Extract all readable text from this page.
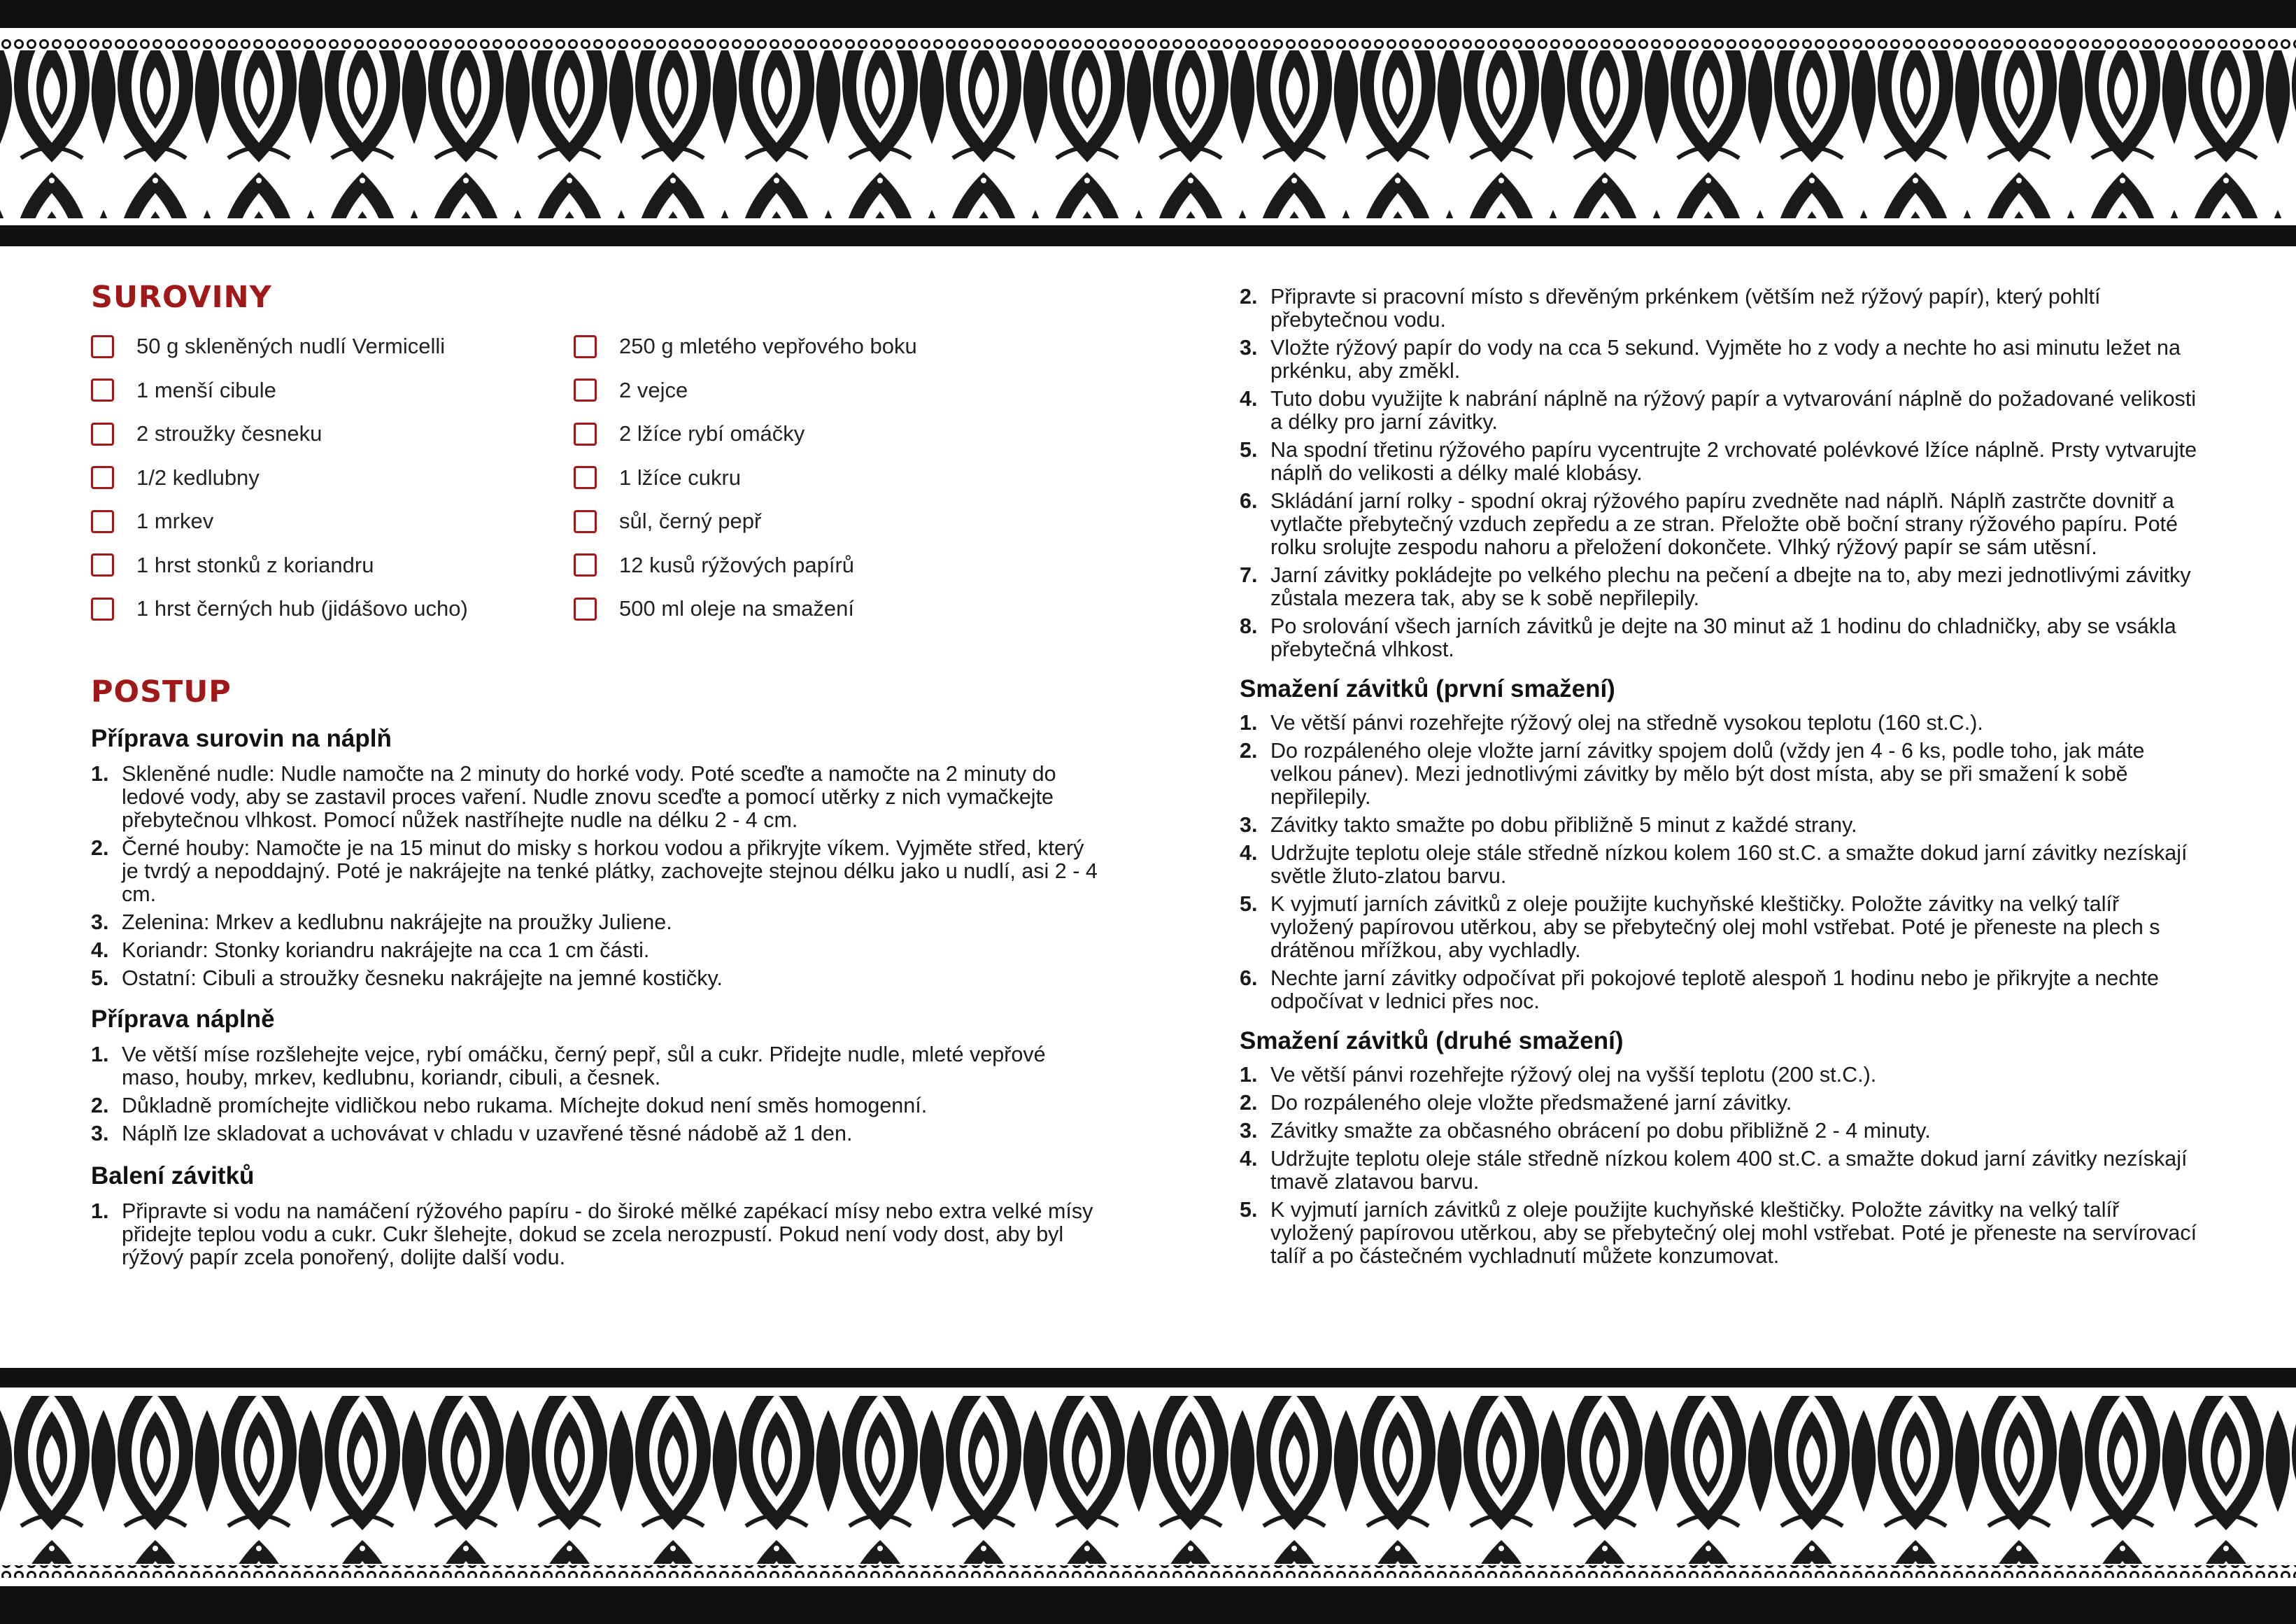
SUROVINY
50 g skleněných nudlí Vermicelli	250 g mletého vepřového boku
1 menší cibule	2 vejce
2 stroužky česneku	2 lžíce rybí omáčky
1/2 kedlubny	1 lžíce cukru
1 mrkev	sůl, černý pepř
1 hrst stonků z koriandru	12 kusů rýžových papírů
1 hrst černých hub (jidášovo ucho)	500 ml oleje na smažení
POSTUP
Příprava surovin na náplň
1. Skleněné nudle: Nudle namočte na 2 minuty do horké vody. Poté sceďte a namočte na 2 minuty do ledové vody, aby se zastavil proces vaření. Nudle znovu sceďte a pomocí utěrky z nich vymačkejte přebytečnou vlhkost. Pomocí nůžek nastříhejte nudle na délku 2 - 4 cm.
2. Černé houby: Namočte je na 15 minut do misky s horkou vodou a přikryjte víkem. Vyjměte střed, který je tvrdý a nepoddajný. Poté je nakrájejte na tenké plátky, zachovejte stejnou délku jako u nudlí, asi 2 - 4 cm.
3. Zelenina: Mrkev a kedlubnu nakrájejte na proužky Juliene.
4. Koriandr: Stonky koriandru nakrájejte na cca 1 cm části.
5. Ostatní: Cibuli a stroužky česneku nakrájejte na jemné kostičky.
Příprava náplně
1. Ve větší míse rozšlehejte vejce, rybí omáčku, černý pepř, sůl a cukr. Přidejte nudle, mleté vepřové maso, houby, mrkev, kedlubnu, koriandr, cibuli, a česnek.
2. Důkladně promíchejte vidličkou nebo rukama. Míchejte dokud není směs homogenní.
3. Náplň lze skladovat a uchovávat v chladu v uzavřené těsné nádobě až 1 den.
Balení závitků
1. Připravte si vodu na namáčení rýžového papíru - do široké mělké zapékací mísy nebo extra velké mísy přidejte teplou vodu a cukr. Cukr šlehejte, dokud se zcela nerozpustí. Pokud není vody dost, aby byl rýžový papír zcela ponořený, dolijte další vodu.
2. Připravte si pracovní místo s dřevěným prkénkem (větším než rýžový papír), který pohltí přebytečnou vodu.
3. Vložte rýžový papír do vody na cca 5 sekund. Vyjměte ho z vody a nechte ho asi minutu ležet na prkénku, aby změkl.
4. Tuto dobu využijte k nabrání náplně na rýžový papír a vytvarování náplně do požadované velikosti a délky pro jarní závitky.
5. Na spodní třetinu rýžového papíru vycentrujte 2 vrchovaté polévkové lžíce náplně. Prsty vytvarujte náplň do velikosti a délky malé klobásy.
6. Skládání jarní rolky - spodní okraj rýžového papíru zvedněte nad náplň. Náplň zastrčte dovnitř a vytlačte přebytečný vzduch zepředu a ze stran. Přeložte obě boční strany rýžového papíru. Poté rolku srolujte zespodu nahoru a přeložení dokončete. Vlhký rýžový papír se sám utěsní.
7. Jarní závitky pokládejte po velkého plechu na pečení a dbejte na to, aby mezi jednotlivými závitky zůstala mezera tak, aby se k sobě nepřilepily.
8. Po srolování všech jarních závitků je dejte na 30 minut až 1 hodinu do chladničky, aby se vsákla přebytečná vlhkost.
Smažení závitků (první smažení)
1. Ve větší pánvi rozehřejte rýžový olej na středně vysokou teplotu (160 st.C.).
2. Do rozpáleného oleje vložte jarní závitky spojem dolů (vždy jen 4 - 6 ks, podle toho, jak máte velkou pánev). Mezi jednotlivými závitky by mělo být dost místa, aby se při smažení k sobě nepřilepily.
3. Závitky takto smažte po dobu přibližně 5 minut z každé strany.
4. Udržujte teplotu oleje stále středně nízkou kolem 160 st.C. a smažte dokud jarní závitky nezískají světle žluto-zlatou barvu.
5. K vyjmutí jarních závitků z oleje použijte kuchyňské kleštičky. Položte závitky na velký talíř vyložený papírovou utěrkou, aby se přebytečný olej mohl vstřebat. Poté je přeneste na plech s drátěnou mřížkou, aby vychladly.
6. Nechte jarní závitky odpočívat při pokojové teplotě alespoň 1 hodinu nebo je přikryjte a nechte odpočívat v lednici přes noc.
Smažení závitků (druhé smažení)
1. Ve větší pánvi rozehřejte rýžový olej na vyšší teplotu (200 st.C.).
2. Do rozpáleného oleje vložte předsmažené jarní závitky.
3. Závitky smažte za občasného obrácení po dobu přibližně 2 - 4 minuty.
4. Udržujte teplotu oleje stále středně nízkou kolem 400 st.C. a smažte dokud jarní závitky nezískají tmavě zlatavou barvu.
5. K vyjmutí jarních závitků z oleje použijte kuchyňské kleštičky. Položte závitky na velký talíř vyložený papírovou utěrkou, aby se přebytečný olej mohl vstřebat. Poté je přeneste na servírovací talíř a po částečném vychladnutí můžete konzumovat.
